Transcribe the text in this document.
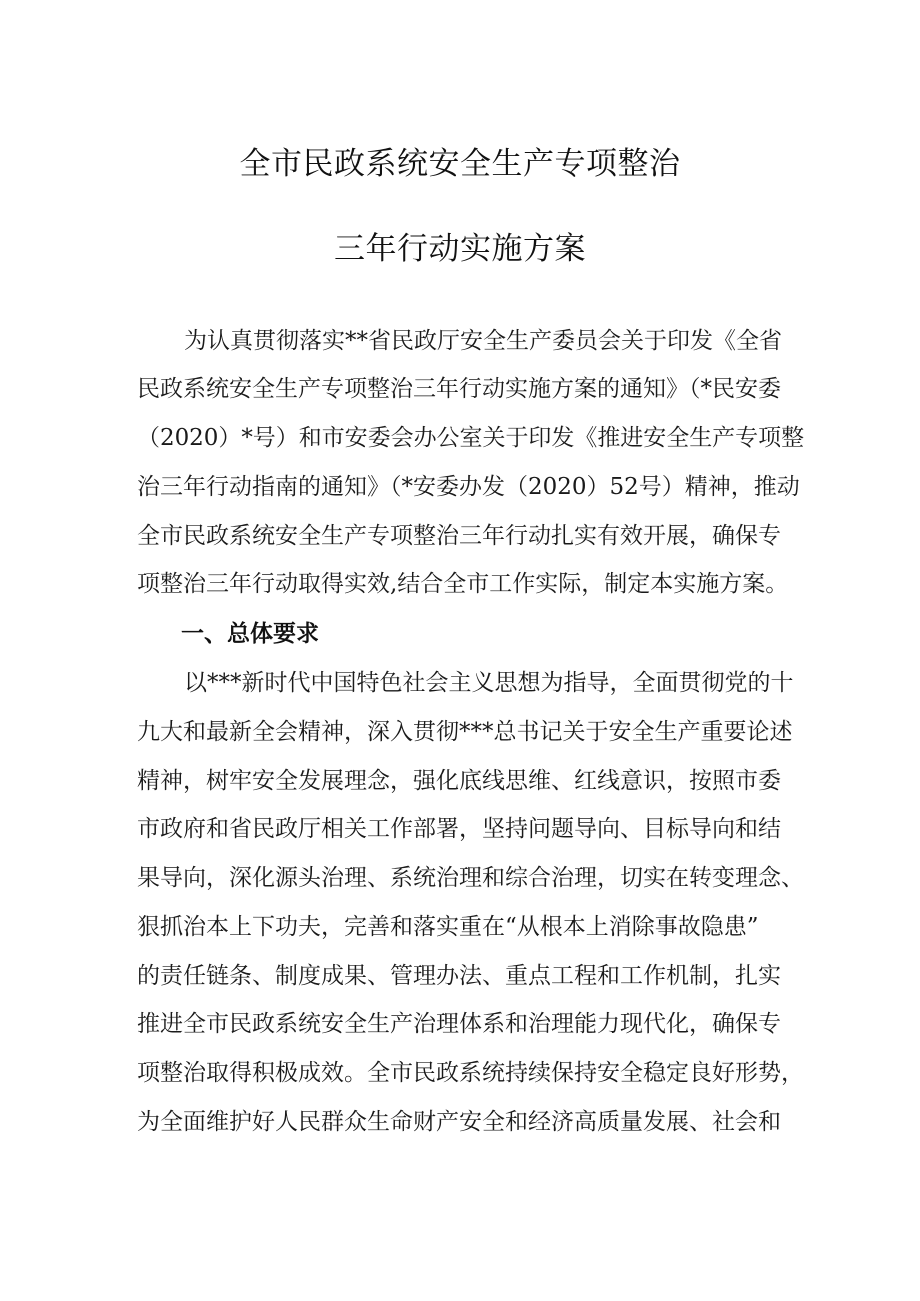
全市民政系统安全生产专项整治
三年行动实施方案
为认真贯彻落实**省民政厅安全生产委员会关于印发《全省
民政系统安全生产专项整治三年行动实施方案的通知》（*民安委
（2020）*号）和市安委会办公室关于印发《推进安全生产专项整
治三年行动指南的通知》（*安委办发（2020）52号）精神，推动
全市民政系统安全生产专项整治三年行动扎实有效开展，确保专
项整治三年行动取得实效,结合全市工作实际，制定本实施方案。
一、总体要求
以***新时代中国特色社会主义思想为指导，全面贯彻党的十
九大和最新全会精神，深入贯彻***总书记关于安全生产重要论述
精神，树牢安全发展理念，强化底线思维、红线意识，按照市委
市政府和省民政厅相关工作部署，坚持问题导向、目标导向和结
果导向，深化源头治理、系统治理和综合治理，切实在转变理念、
狠抓治本上下功夫，完善和落实重在“从根本上消除事故隐患”
的责任链条、制度成果、管理办法、重点工程和工作机制，扎实
推进全市民政系统安全生产治理体系和治理能力现代化，确保专
项整治取得积极成效。全市民政系统持续保持安全稳定良好形势，
为全面维护好人民群众生命财产安全和经济高质量发展、社会和
